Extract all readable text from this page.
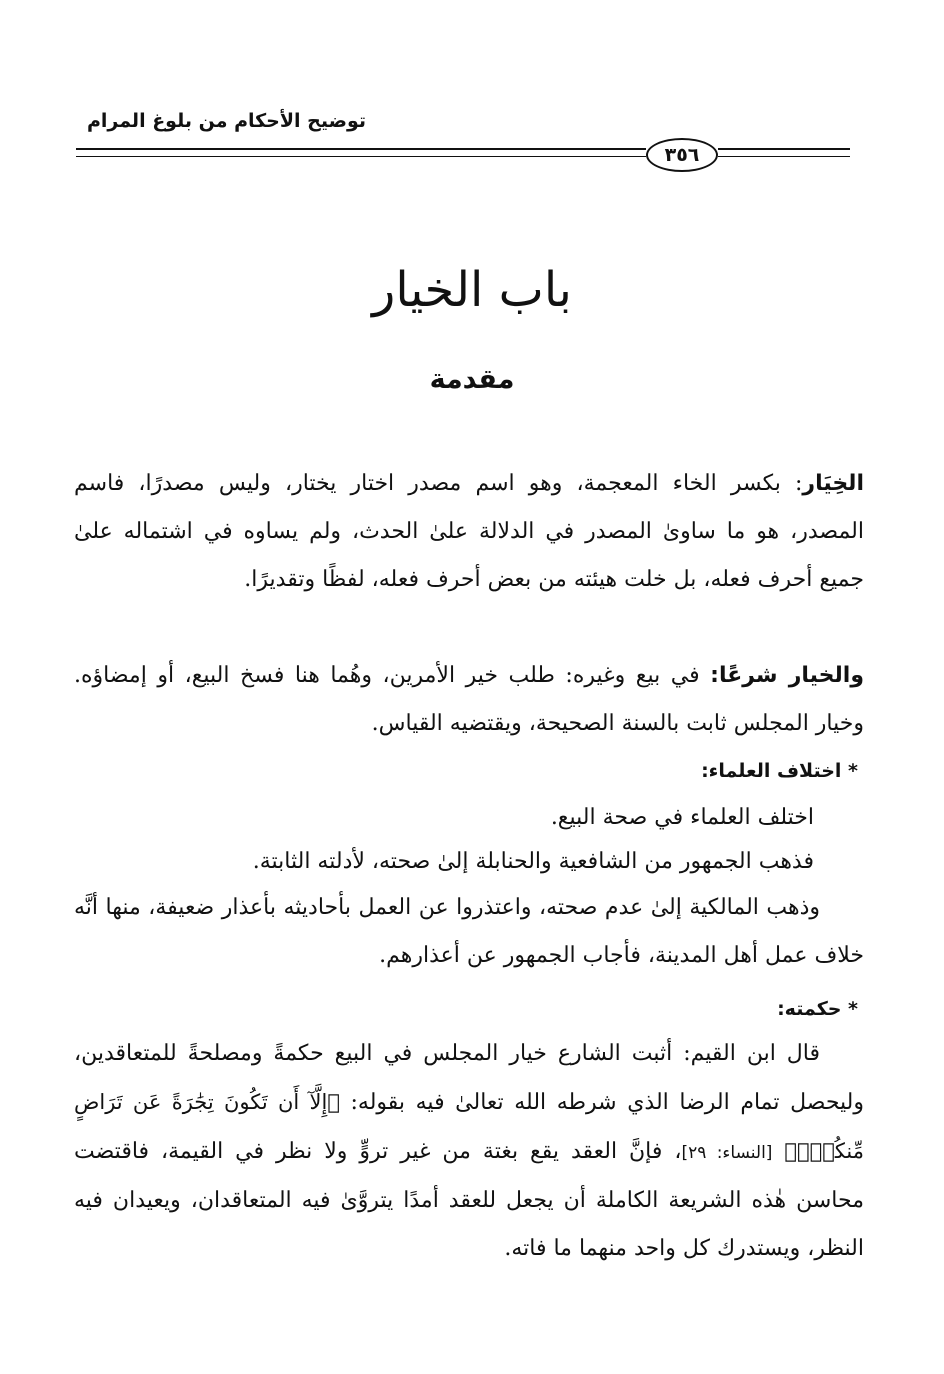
توضيح الأحكام من بلوغ المرام
٣٥٦
باب الخيار
مقدمة

الخِيَار: بكسر الخاء المعجمة، وهو اسم مصدر اختار يختار، وليس مصدرًا، فاسم المصدر، هو ما ساوىٰ المصدر في الدلالة علىٰ الحدث، ولم يساوه في اشتماله علىٰ جميع أحرف فعله، بل خلت هيئته من بعض أحرف فعله، لفظًا وتقديرًا.

والخيار شرعًا: في بيع وغيره: طلب خير الأمرين، وهُما هنا فسخ البيع، أو إمضاؤه. وخيار المجلس ثابت بالسنة الصحيحة، ويقتضيه القياس.

* اختلاف العلماء:

اختلف العلماء في صحة البيع.

فذهب الجمهور من الشافعية والحنابلة إلىٰ صحته، لأدلته الثابتة.

وذهب المالكية إلىٰ عدم صحته، واعتذروا عن العمل بأحاديثه بأعذار ضعيفة، منها أنَّه خلاف عمل أهل المدينة، فأجاب الجمهور عن أعذارهم.

* حكمته:

قال ابن القيم: أثبت الشارع خيار المجلس في البيع حكمةً ومصلحةً للمتعاقدين، وليحصل تمام الرضا الذي شرطه الله تعالىٰ فيه بقوله: ﴿إِلَّآ أَن تَكُونَ تِجَٰرَةً عَن تَرَاضٍ مِّنكُمۡۚ﴾ [النساء: ٢٩]، فإنَّ العقد يقع بغتة من غير تروٍّ ولا نظر في القيمة، فاقتضت محاسن هٰذه الشريعة الكاملة أن يجعل للعقد أمدًا يتروَّىٰ فيه المتعاقدان، ويعيدان فيه النظر، ويستدرك كل واحد منهما ما فاته.
